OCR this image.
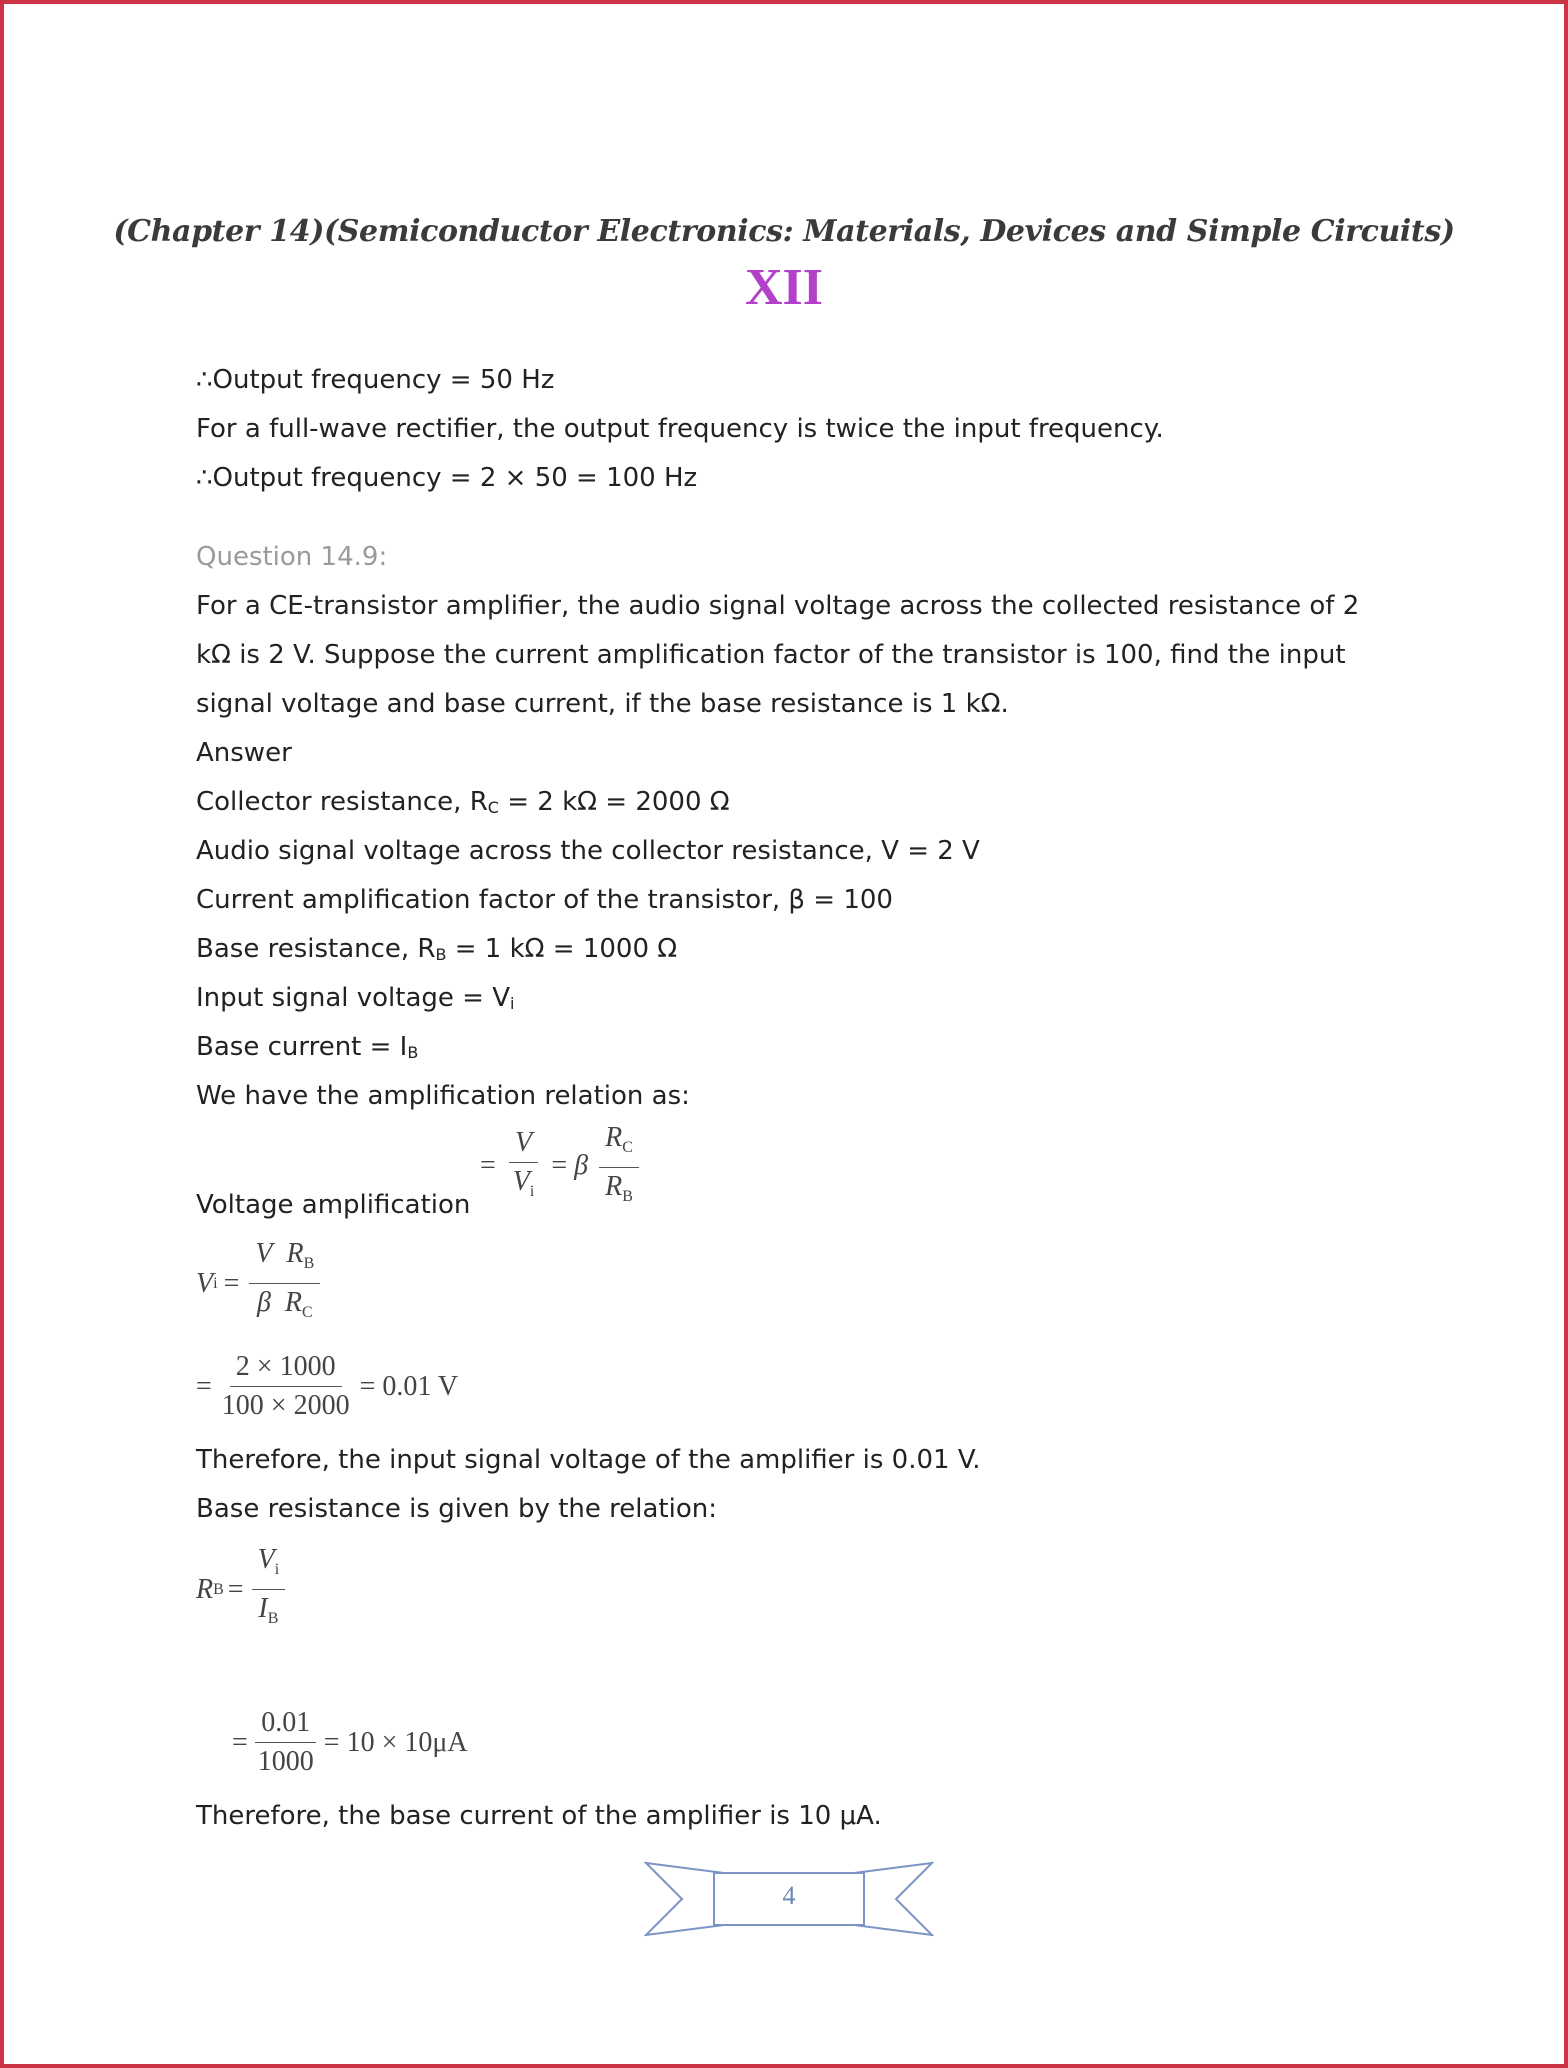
(Chapter 14)(Semiconductor Electronics: Materials, Devices and Simple Circuits)
XII
∴Output frequency = 50 Hz
For a full-wave rectifier, the output frequency is twice the input frequency.
∴Output frequency = 2 × 50 = 100 Hz
Question 14.9:
For a CE-transistor amplifier, the audio signal voltage across the collected resistance of 2 kΩ is 2 V. Suppose the current amplification factor of the transistor is 100, find the input signal voltage and base current, if the base resistance is 1 kΩ.
Answer
Collector resistance, $R_C = 2$ kΩ = 2000 Ω
Audio signal voltage across the collector resistance, V = 2 V
Current amplification factor of the transistor, β = 100
Base resistance, $R_B = 1$ kΩ = 1000 Ω
Input signal voltage = $V_i$
Base current = $I_B$
We have the amplification relation as:
Voltage amplification
= $\frac{V}{V_i} = \beta \frac{R_C}{R_B}$
V $i = \frac{V R_B}{\beta R_C}$
= $\frac{2 \times 1000}{100 \times 2000} = 0.01$ V
Therefore, the input signal voltage of the amplifier is 0.01 V.
Base resistance is given by the relation:
R $B = \frac{V_i}{I_B}$
= $\frac{0.01}{1000} = 10 \times 10\mu A$
Therefore, the base current of the amplifier is 10 μA.
4
